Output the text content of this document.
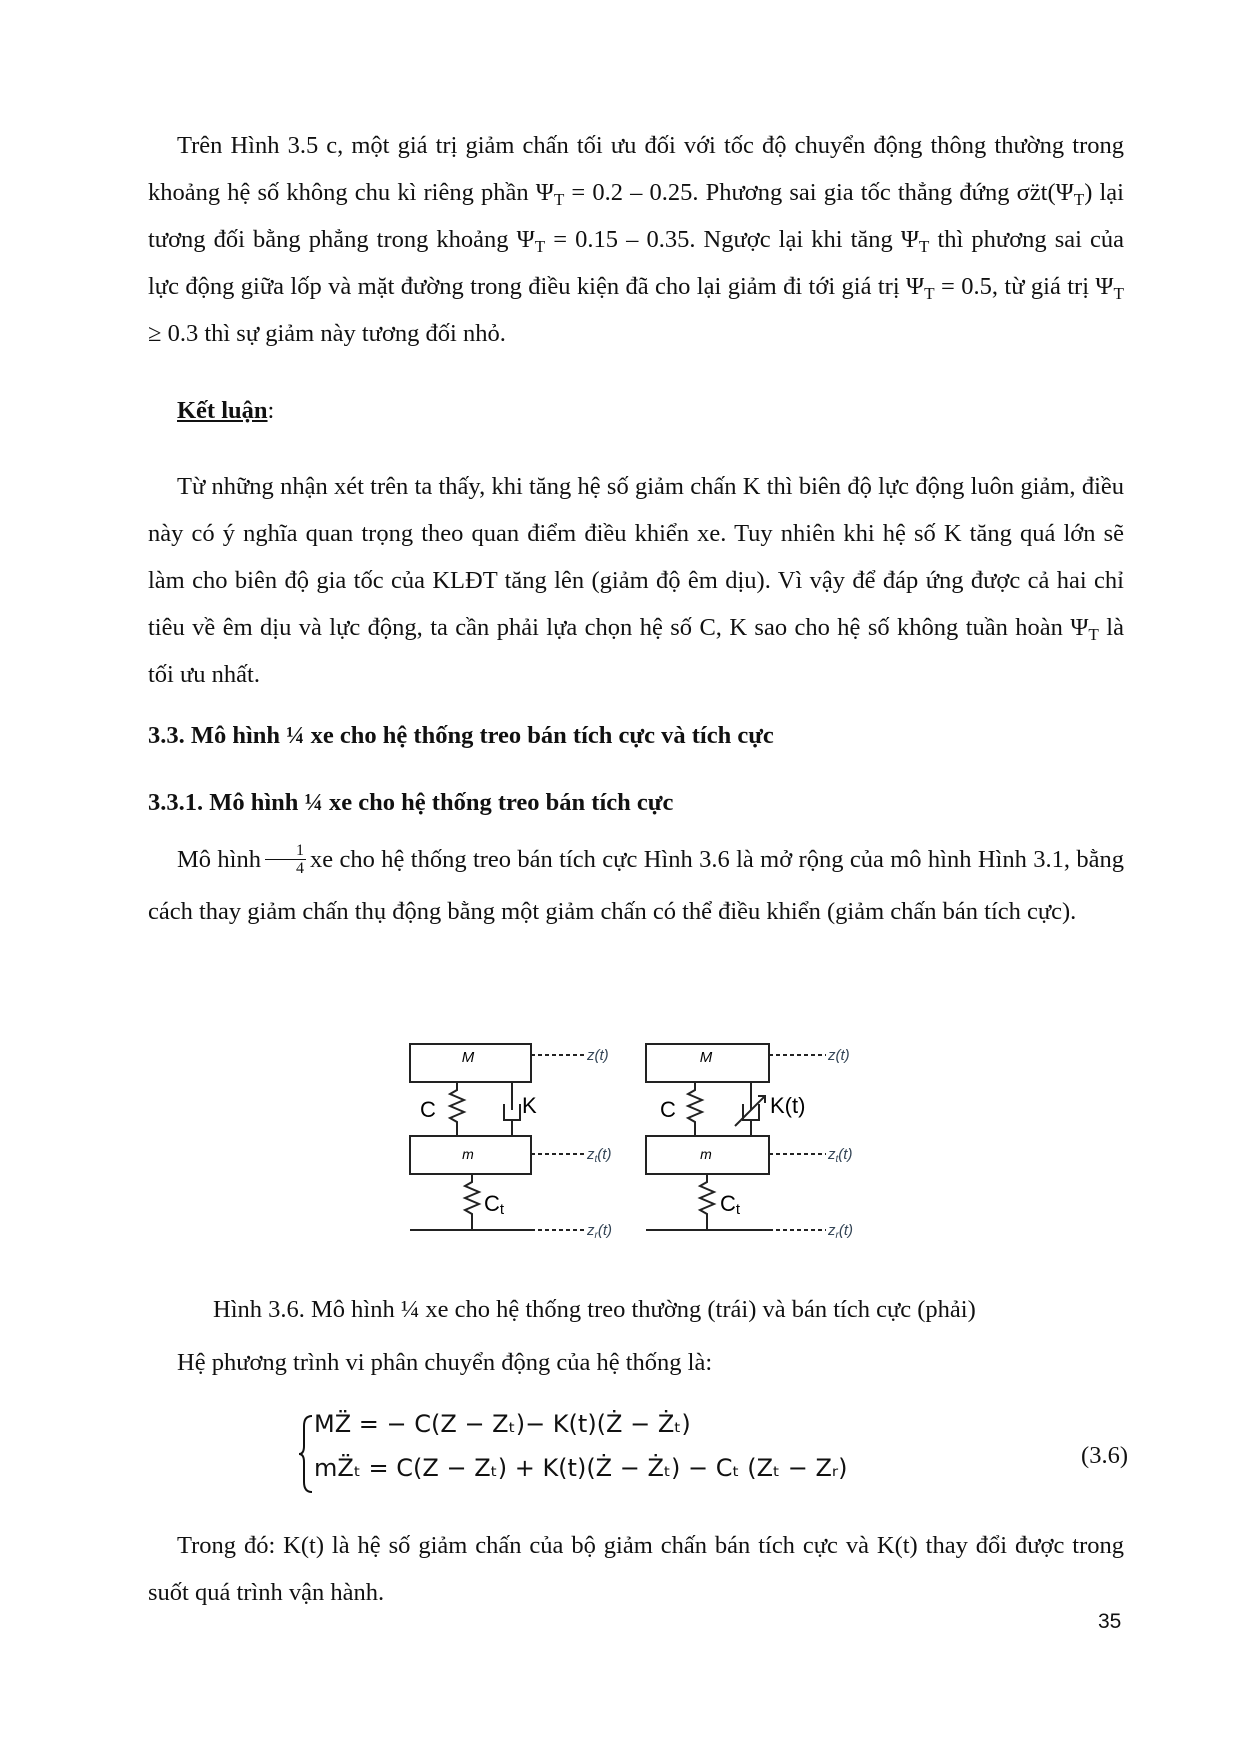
Trên Hình 3.5 c, một giá trị giảm chấn tối ưu đối với tốc độ chuyển động thông thường trong khoảng hệ số không chu kì riêng phần $\Psi_T = 0.2 - 0.25$. Phương sai gia tốc thẳng đứng $\sigma z̈t(\Psi_T)$ lại tương đối bằng phẳng trong khoảng $\Psi_T = 0.15 - 0.35$. Ngược lại khi tăng $\Psi_T$ thì phương sai của lực động giữa lốp và mặt đường trong điều kiện đã cho lại giảm đi tới giá trị $\Psi_T = 0.5$, từ giá trị $\Psi_T \ge 0.3$ thì sự giảm này tương đối nhỏ.

Kết luận:

Từ những nhận xét trên ta thấy, khi tăng hệ số giảm chấn K thì biên độ lực động luôn giảm, điều này có ý nghĩa quan trọng theo quan điểm điều khiển xe. Tuy nhiên khi hệ số K tăng quá lớn sẽ làm cho biên độ gia tốc của KLĐT tăng lên (giảm độ êm dịu). Vì vậy để đáp ứng được cả hai chỉ tiêu về êm dịu và lực động, ta cần phải lựa chọn hệ số C, K sao cho hệ số không tuần hoàn $\Psi_T$ là tối ưu nhất.

3.3. Mô hình ¼ xe cho hệ thống treo bán tích cực và tích cực

3.3.1. Mô hình ¼ xe cho hệ thống treo bán tích cực

Mô hình $\frac{1}{4}$ xe cho hệ thống treo bán tích cực Hình 3.6 là mở rộng của mô hình Hình 3.1, bằng cách thay giảm chấn thụ động bằng một giảm chấn có thể điều khiển (giảm chấn bán tích cực).

M
m
C	K
Ct
z(t)
$z_t(t)$
$z_r(t)$
M
m
C	K(t)
Ct
z(t)
$z_t(t)$
$z_r(t)$

Hình 3.6. Mô hình ¼ xe cho hệ thống treo thường (trái) và bán tích cực (phải)

Hệ phương trình vi phân chuyển động của hệ thống là:

MZ̈ = − C(Z − Zₜ)− K(t)(Ż − Żₜ)
mZ̈ₜ = C(Z − Zₜ) + K(t)(Ż − Żₜ) − Cₜ (Zₜ − Zᵣ)	(3.6)

Trong đó: K(t) là hệ số giảm chấn của bộ giảm chấn bán tích cực và K(t) thay đổi được trong suốt quá trình vận hành.

35
